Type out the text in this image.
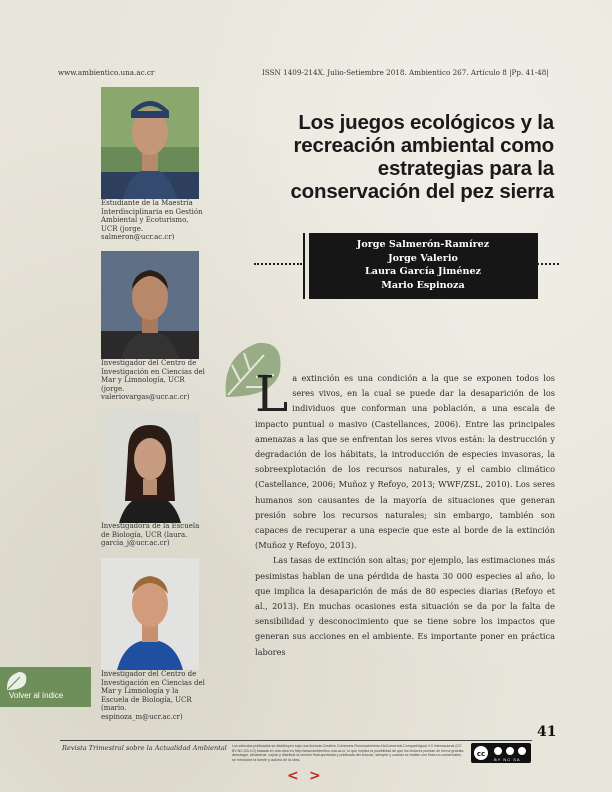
www.ambientico.una.ac.cr	ISSN 1409-214X. Julio-Setiembre 2018. Ambientico 267. Artículo 8 |Pp. 41-48|
Estudiante de la Maestría Interdisciplinaria en Gestión Ambiental y Ecoturismo, UCR (jorge. salmeron@ucr.ac.cr)
Investigador del Centro de Investigación en Ciencias del Mar y Limnología, UCR (jorge. valeriovargas@ucr.ac.cr)
Investigadora de la Escuela de Biología, UCR (laura. garcia_j@ucr.ac.cr)
Investigador del Centro de Investigación en Ciencias del Mar y Limnología y la Escuela de Biología, UCR (mario. espinoza_m@ucr.ac.cr)
Los juegos ecológicos y la recreación ambiental como estrategias para la conservación del pez sierra
Jorge Salmerón-Ramírez
Jorge Valerio
Laura García Jiménez
Mario Espinoza

La extinción es una condición a la que se exponen todos los seres vivos, en la cual se puede dar la desaparición de los individuos que conforman una población, a una escala de impacto puntual o masivo (Castellances, 2006). Entre las principales amenazas a las que se enfrentan los seres vivos están: la destrucción y degradación de los hábitats, la introducción de especies invasoras, la sobreexplotación de los recursos naturales, y el cambio climático (Castellance, 2006; Muñoz y Refoyo, 2013; WWF/ZSL, 2010). Los seres humanos son causantes de la mayoría de situaciones que generan presión sobre los recursos naturales; sin embargo, también son capaces de recuperar a una especie que este al borde de la extinción (Muñoz y Refoyo, 2013).

Las tasas de extinción son altas; por ejemplo, las estimaciones más pesimistas hablan de una pérdida de hasta 30 000 especies al año, lo que implica la desaparición de más de 80 especies diarias (Refoyo et al., 2013). En muchas ocasiones esta situación se da por la falta de sensibilidad y desconocimiento que se tiene sobre los impactos que generan sus acciones en el ambiente. Es importante poner en práctica labores

Volver al índice
41
Revista Trimestral sobre la Actualidad Ambiental Los artículos publicados se distribuyen bajo una licencia Creative Commons Reconocimiento-NoComercial-CompartirIgual 4.0 Internacional (CC BY-NC-SA 4.0) basada en una obra en http://www.ambientico.una.ac.cr, lo que implica la posibilidad de que los lectores puedan de forma gratuita descargar, almacenar, copiar y distribuir la versión final aprobada y publicada del artículo, siempre y cuando se realice con fines no comerciales, se mencione la fuente y autoría de la obra.
cc
BY NC SA
< >
